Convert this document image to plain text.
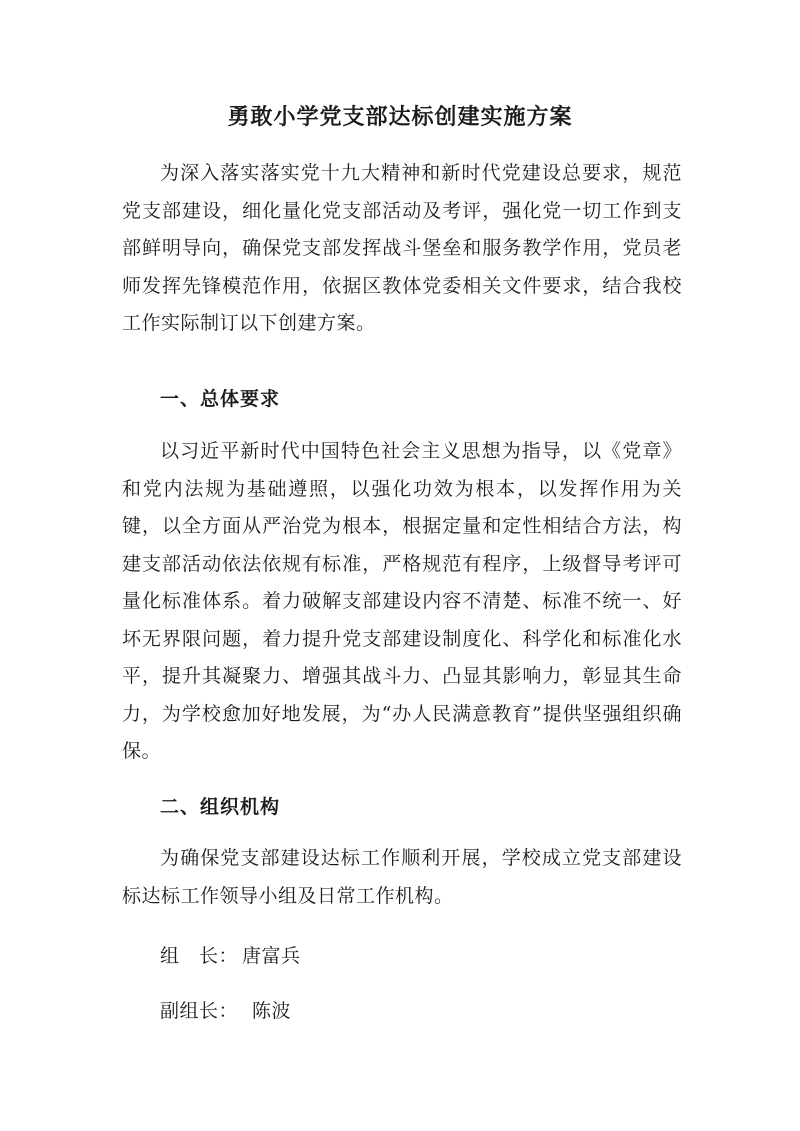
勇敢小学党支部达标创建实施方案
为深入落实落实党十九大精神和新时代党建设总要求，规范党支部建设，细化量化党支部活动及考评，强化党一切工作到支部鲜明导向，确保党支部发挥战斗堡垒和服务教学作用，党员老师发挥先锋模范作用，依据区教体党委相关文件要求，结合我校工作实际制订以下创建方案。
一、总体要求
以习近平新时代中国特色社会主义思想为指导，以《党章》和党内法规为基础遵照，以强化功效为根本，以发挥作用为关键，以全方面从严治党为根本，根据定量和定性相结合方法，构建支部活动依法依规有标准，严格规范有程序，上级督导考评可量化标准体系。着力破解支部建设内容不清楚、标准不统一、好坏无界限问题，着力提升党支部建设制度化、科学化和标准化水平，提升其凝聚力、增强其战斗力、凸显其影响力，彰显其生命力，为学校愈加好地发展，为“办人民满意教育”提供坚强组织确保。
二、组织机构
为确保党支部建设达标工作顺利开展，学校成立党支部建设标达标工作领导小组及日常工作机构。
组　长： 唐富兵
副组长： 陈波
